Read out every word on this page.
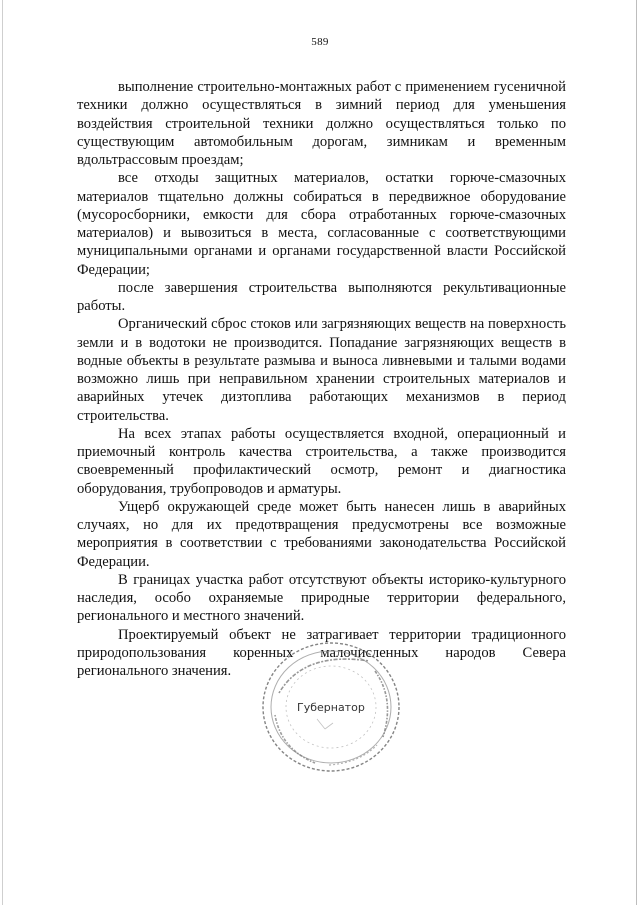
589

выполнение строительно-монтажных работ с применением гусеничной техники должно осуществляться в зимний период для уменьшения воздействия строительной техники должно осуществляться только по существующим автомобильным дорогам, зимникам и временным вдольтрассовым проездам;

все отходы защитных материалов, остатки горюче-смазочных материалов тщательно должны собираться в передвижное оборудование (мусоросборники, емкости для сбора отработанных горюче-смазочных материалов) и вывозиться в места, согласованные с соответствующими муниципальными органами и органами государственной власти Российской Федерации;

после завершения строительства выполняются рекультивационные работы.

Органический сброс стоков или загрязняющих веществ на поверхность земли и в водотоки не производится. Попадание загрязняющих веществ в водные объекты в результате размыва и выноса ливневыми и талыми водами возможно лишь при неправильном хранении строительных материалов и аварийных утечек дизтоплива работающих механизмов в период строительства.

На всех этапах работы осуществляется входной, операционный и приемочный контроль качества строительства, а также производится своевременный профилактический осмотр, ремонт и диагностика оборудования, трубопроводов и арматуры.

Ущерб окружающей среде может быть нанесен лишь в аварийных случаях, но для их предотвращения предусмотрены все возможные мероприятия в соответствии с требованиями законодательства Российской Федерации.

В границах участка работ отсутствуют объекты историко-культурного наследия, особо охраняемые природные территории федерального, регионального и местного значений.

Проектируемый объект не затрагивает территории традиционного природопользования коренных малочисленных народов Севера регионального значения.

Губернатор
